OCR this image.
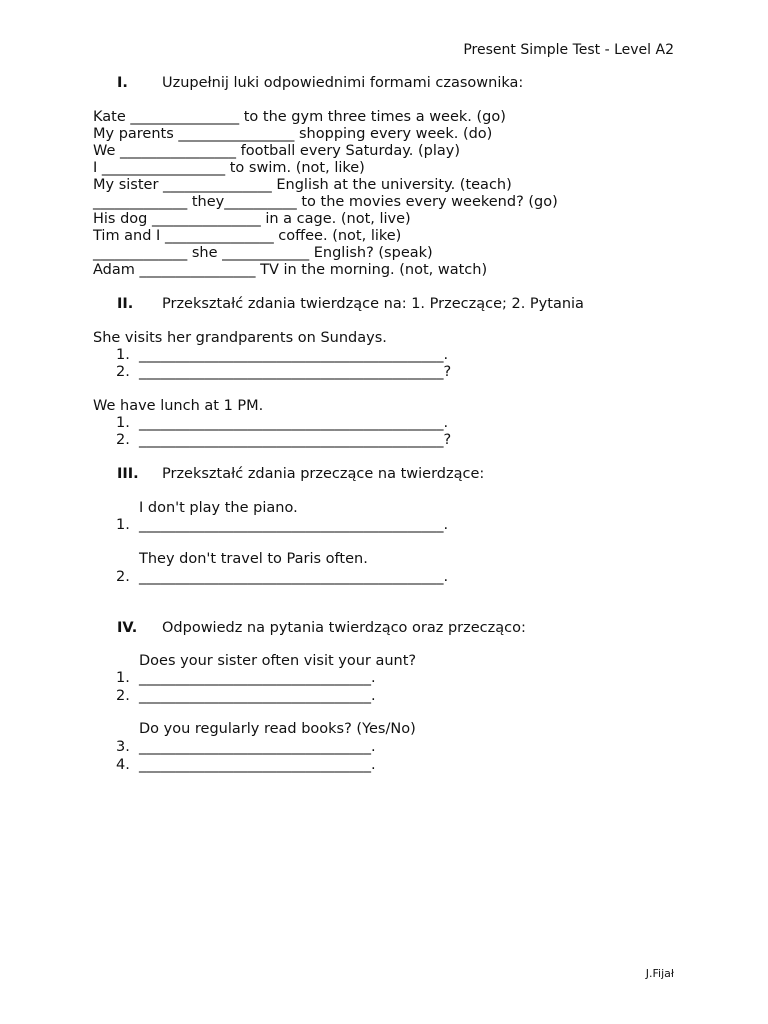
Present Simple Test - Level A2
I. Uzupełnij luki odpowiednimi formami czasownika:
Kate _______________ to the gym three times a week. (go)
My parents ________________ shopping every week. (do)
We ________________ football every Saturday. (play)
I _________________ to swim. (not, like)
My sister _______________ English at the university. (teach)
_____________ they__________ to the movies every weekend? (go)
His dog _______________ in a cage. (not, live)
Tim and I _______________ coffee. (not, like)
_____________ she ____________ English? (speak)
Adam ________________ TV in the morning. (not, watch)
II. Przekształć zdania twierdzące na: 1. Przeczące; 2. Pytania
She visits her grandparents on Sundays.
1. __________________________________________.
2. __________________________________________?
We have lunch at 1 PM.
1. __________________________________________.
2. __________________________________________?
III. Przekształć zdania przeczące na twierdzące:
I don't play the piano.
1. __________________________________________.
They don't travel to Paris often.
2. __________________________________________.
IV. Odpowiedz na pytania twierdząco oraz przecząco:
Does your sister often visit your aunt?
1. ________________________________.
2. ________________________________.
Do you regularly read books? (Yes/No)
3. ________________________________.
4. ________________________________.
J.Fijał
